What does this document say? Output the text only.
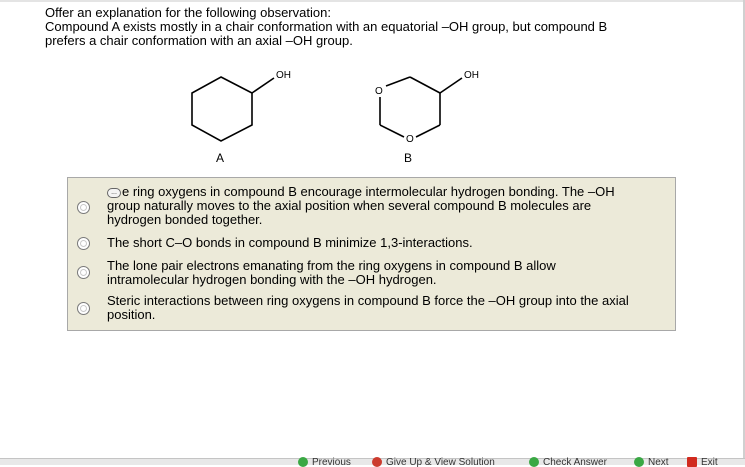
Offer an explanation for the following observation:
Compound A exists mostly in a chair conformation with an equatorial –OH group, but compound B
prefers a chair conformation with an axial –OH group.
OH
A
O
O
OH
B
... e ring oxygens in compound B encourage intermolecular hydrogen bonding. The –OH
group naturally moves to the axial position when several compound B molecules are
hydrogen bonded together.
The short C–O bonds in compound B minimize 1,3-interactions.
The lone pair electrons emanating from the ring oxygens in compound B allow
intramolecular hydrogen bonding with the –OH hydrogen.
Steric interactions between ring oxygens in compound B force the –OH group into the axial
position.
Previous	Give Up & View Solution	Check Answer	Next	Exit
